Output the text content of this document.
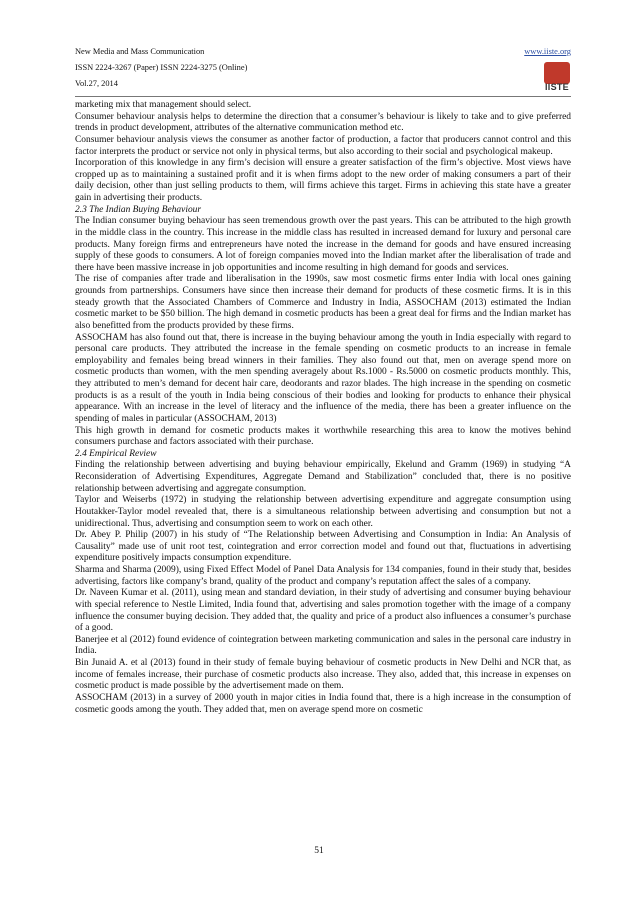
New Media and Mass Communication
ISSN 2224-3267 (Paper) ISSN 2224-3275 (Online)
Vol.27, 2014
www.iiste.org
IISTE

marketing mix that management should select.

Consumer behaviour analysis helps to determine the direction that a consumer’s behaviour is likely to take and to give preferred trends in product development, attributes of the alternative communication method etc.

Consumer behaviour analysis views the consumer as another factor of production, a factor that producers cannot control and this factor interprets the product or service not only in physical terms, but also according to their social and psychological makeup.

Incorporation of this knowledge in any firm’s decision will ensure a greater satisfaction of the firm’s objective. Most views have cropped up as to maintaining a sustained profit and it is when firms adopt to the new order of making consumers a part of their daily decision, other than just selling products to them, will firms achieve this target. Firms in achieving this state have a greater gain in advertising their products.

2.3 The Indian Buying Behaviour

The Indian consumer buying behaviour has seen tremendous growth over the past years. This can be attributed to the high growth in the middle class in the country. This increase in the middle class has resulted in increased demand for luxury and personal care products. Many foreign firms and entrepreneurs have noted the increase in the demand for goods and have ensured increasing supply of these goods to consumers. A lot of foreign companies moved into the Indian market after the liberalisation of trade and there have been massive increase in job opportunities and income resulting in high demand for goods and services.

The rise of companies after trade and liberalisation in the 1990s, saw most cosmetic firms enter India with local ones gaining grounds from partnerships. Consumers have since then increase their demand for products of these cosmetic firms. It is in this steady growth that the Associated Chambers of Commerce and Industry in India, ASSOCHAM (2013) estimated the Indian cosmetic market to be $50 billion. The high demand in cosmetic products has been a great deal for firms and the Indian market has also benefitted from the products provided by these firms.

ASSOCHAM has also found out that, there is increase in the buying behaviour among the youth in India especially with regard to personal care products. They attributed the increase in the female spending on cosmetic products to an increase in female employability and females being bread winners in their families. They also found out that, men on average spend more on cosmetic products than women, with the men spending averagely about Rs.1000 - Rs.5000 on cosmetic products monthly. This, they attributed to men’s demand for decent hair care, deodorants and razor blades. The high increase in the spending on cosmetic products is as a result of the youth in India being conscious of their bodies and looking for products to enhance their physical appearance. With an increase in the level of literacy and the influence of the media, there has been a greater influence on the spending of males in particular (ASSOCHAM, 2013)

This high growth in demand for cosmetic products makes it worthwhile researching this area to know the motives behind consumers purchase and factors associated with their purchase.

2.4 Empirical Review

Finding the relationship between advertising and buying behaviour empirically, Ekelund and Gramm (1969) in studying “A Reconsideration of Advertising Expenditures, Aggregate Demand and Stabilization” concluded that, there is no positive relationship between advertising and aggregate consumption.

Taylor and Weiserbs (1972) in studying the relationship between advertising expenditure and aggregate consumption using Houtakker-Taylor model revealed that, there is a simultaneous relationship between advertising and consumption but not a unidirectional. Thus, advertising and consumption seem to work on each other.

Dr. Abey P. Philip (2007) in his study of “The Relationship between Advertising and Consumption in India: An Analysis of Causality” made use of unit root test, cointegration and error correction model and found out that, fluctuations in advertising expenditure positively impacts consumption expenditure.

Sharma and Sharma (2009), using Fixed Effect Model of Panel Data Analysis for 134 companies, found in their study that, besides advertising, factors like company’s brand, quality of the product and company’s reputation affect the sales of a company.

Dr. Naveen Kumar et al. (2011), using mean and standard deviation, in their study of advertising and consumer buying behaviour with special reference to Nestle Limited, India found that, advertising and sales promotion together with the image of a company influence the consumer buying decision. They added that, the quality and price of a product also influences a consumer’s purchase of a good.

Banerjee et al (2012) found evidence of cointegration between marketing communication and sales in the personal care industry in India.

Bin Junaid A. et al (2013) found in their study of female buying behaviour of cosmetic products in New Delhi and NCR that, as income of females increase, their purchase of cosmetic products also increase. They also, added that, this increase in expenses on cosmetic product is made possible by the advertisement made on them.

ASSOCHAM (2013) in a survey of 2000 youth in major cities in India found that, there is a high increase in the consumption of cosmetic goods among the youth. They added that, men on average spend more on cosmetic

51
